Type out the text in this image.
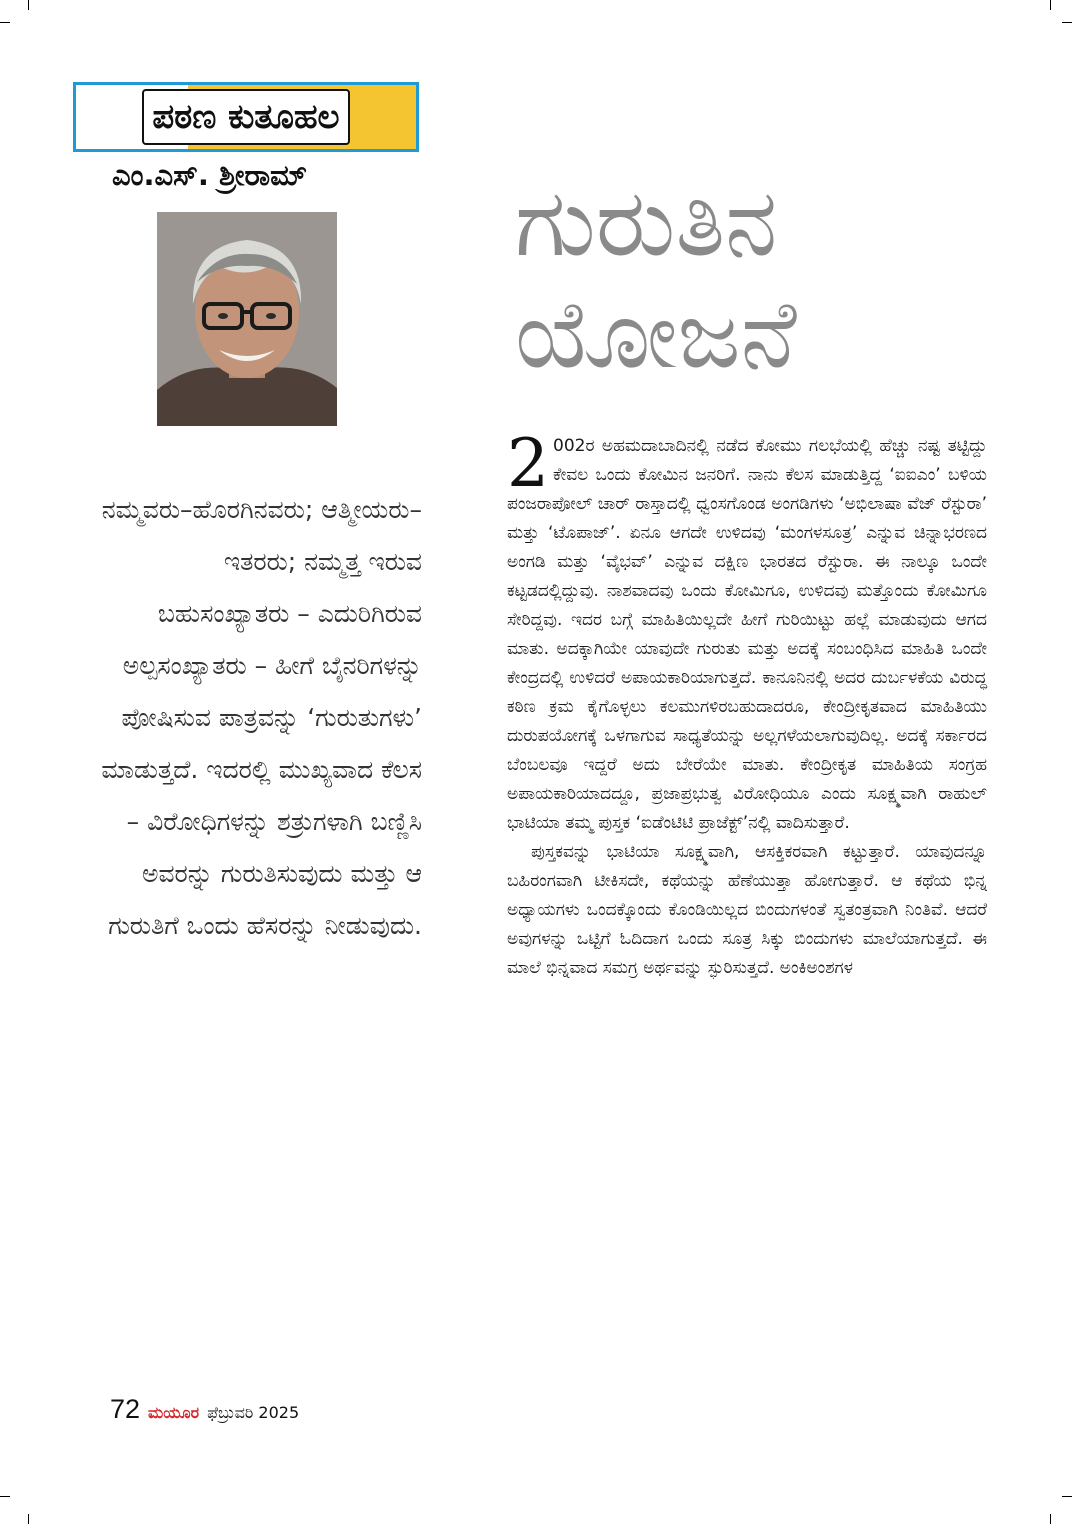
ಪಠಣ ಕುತೂಹಲ
ಎಂ.ಎಸ್. ಶ್ರೀರಾಮ್	ಗುರುತಿನ
ಯೋಜನೆ
ನಮ್ಮವರು–ಹೊರಗಿನವರು; ಆತ್ಮೀಯರು–ಇತರರು; ನಮ್ಮತ್ತ ಇರುವ ಬಹುಸಂಖ್ಯಾತರು – ಎದುರಿಗಿರುವ ಅಲ್ಪಸಂಖ್ಯಾತರು – ಹೀಗೆ ಬೈನರಿಗಳನ್ನು ಪೋಷಿಸುವ ಪಾತ್ರವನ್ನು ‘ಗುರುತುಗಳು’ ಮಾಡುತ್ತದೆ. ಇದರಲ್ಲಿ ಮುಖ್ಯವಾದ ಕೆಲಸ – ವಿರೋಧಿಗಳನ್ನು ಶತ್ರುಗಳಾಗಿ ಬಣ್ಣಿಸಿ ಅವರನ್ನು ಗುರುತಿಸುವುದು ಮತ್ತು ಆ ಗುರುತಿಗೆ ಒಂದು ಹೆಸರನ್ನು ನೀಡುವುದು.

2 002ರ ಅಹಮದಾಬಾದಿನಲ್ಲಿ ನಡೆದ ಕೋಮು ಗಲಭೆಯಲ್ಲಿ ಹೆಚ್ಚು ನಷ್ಟ ತಟ್ಟಿದ್ದು ಕೇವಲ ಒಂದು ಕೋಮಿನ ಜನರಿಗೆ. ನಾನು ಕೆಲಸ ಮಾಡುತ್ತಿದ್ದ ‘ಐಐಎಂ’ ಬಳಿಯ ಪಂಜರಾಪೋಲ್ ಚಾರ್ ರಾಸ್ತಾದಲ್ಲಿ ಧ್ವಂಸಗೊಂಡ ಅಂಗಡಿಗಳು ‘ಅಭಿಲಾಷಾ ವೆಜ್ ರೆಸ್ಟುರಾ’ ಮತ್ತು ‘ಟೊಪಾಜ್’. ಏನೂ ಆಗದೇ ಉಳಿದವು ‘ಮಂಗಳಸೂತ್ರ’ ಎನ್ನುವ ಚಿನ್ನಾಭರಣದ ಅಂಗಡಿ ಮತ್ತು ‘ವೈಭವ್’ ಎನ್ನುವ ದಕ್ಷಿಣ ಭಾರತದ ರೆಸ್ಟುರಾ. ಈ ನಾಲ್ಕೂ ಒಂದೇ ಕಟ್ಟಡದಲ್ಲಿದ್ದುವು. ನಾಶವಾದವು ಒಂದು ಕೋಮಿಗೂ, ಉಳಿದವು ಮತ್ತೊಂದು ಕೋಮಿಗೂ ಸೇರಿದ್ದವು. ಇದರ ಬಗ್ಗೆ ಮಾಹಿತಿಯಿಲ್ಲದೇ ಹೀಗೆ ಗುರಿಯಿಟ್ಟು ಹಲ್ಲೆ ಮಾಡುವುದು ಆಗದ ಮಾತು. ಅದಕ್ಕಾಗಿಯೇ ಯಾವುದೇ ಗುರುತು ಮತ್ತು ಅದಕ್ಕೆ ಸಂಬಂಧಿಸಿದ ಮಾಹಿತಿ ಒಂದೇ ಕೇಂದ್ರದಲ್ಲಿ ಉಳಿದರೆ ಅಪಾಯಕಾರಿಯಾಗುತ್ತದೆ. ಕಾನೂನಿನಲ್ಲಿ ಅದರ ದುರ್ಬಳಕೆಯ ವಿರುದ್ಧ ಕಠಿಣ ಕ್ರಮ ಕೈಗೊಳ್ಳಲು ಕಲಮುಗಳಿರಬಹುದಾದರೂ, ಕೇಂದ್ರೀಕೃತವಾದ ಮಾಹಿತಿಯು ದುರುಪಯೋಗಕ್ಕೆ ಒಳಗಾಗುವ ಸಾಧ್ಯತೆಯನ್ನು ಅಲ್ಲಗಳೆಯಲಾಗುವುದಿಲ್ಲ. ಅದಕ್ಕೆ ಸರ್ಕಾರದ ಬೆಂಬಲವೂ ಇದ್ದರೆ ಅದು ಬೇರೆಯೇ ಮಾತು. ಕೇಂದ್ರೀಕೃತ ಮಾಹಿತಿಯ ಸಂಗ್ರಹ ಅಪಾಯಕಾರಿಯಾದದ್ದೂ, ಪ್ರಜಾಪ್ರಭುತ್ವ ವಿರೋಧಿಯೂ ಎಂದು ಸೂಕ್ಷ್ಮವಾಗಿ ರಾಹುಲ್ ಭಾಟಿಯಾ ತಮ್ಮ ಪುಸ್ತಕ ‘ಐಡೆಂಟಿಟಿ ಪ್ರಾಜೆಕ್ಟ್’ನಲ್ಲಿ ವಾದಿಸುತ್ತಾರೆ.

ಪುಸ್ತಕವನ್ನು ಭಾಟಿಯಾ ಸೂಕ್ಷ್ಮವಾಗಿ, ಆಸಕ್ತಿಕರವಾಗಿ ಕಟ್ಟುತ್ತಾರೆ. ಯಾವುದನ್ನೂ ಬಹಿರಂಗವಾಗಿ ಟೀಕಿಸದೇ, ಕಥೆಯನ್ನು ಹೆಣೆಯುತ್ತಾ ಹೋಗುತ್ತಾರೆ. ಆ ಕಥೆಯ ಭಿನ್ನ ಅಧ್ಯಾಯಗಳು ಒಂದಕ್ಕೊಂದು ಕೊಂಡಿಯಿಲ್ಲದ ಬಿಂದುಗಳಂತೆ ಸ್ವತಂತ್ರವಾಗಿ ನಿಂತಿವೆ. ಆದರೆ ಅವುಗಳನ್ನು ಒಟ್ಟಿಗೆ ಓದಿದಾಗ ಒಂದು ಸೂತ್ರ ಸಿಕ್ಕು ಬಿಂದುಗಳು ಮಾಲೆಯಾಗುತ್ತದೆ. ಈ ಮಾಲೆ ಭಿನ್ನವಾದ ಸಮಗ್ರ ಅರ್ಥವನ್ನು ಸ್ಫುರಿಸುತ್ತದೆ. ಅಂಕಿಅಂಶಗಳ

72 ಮಯೂರ ಫೆಬ್ರುವರಿ 2025
